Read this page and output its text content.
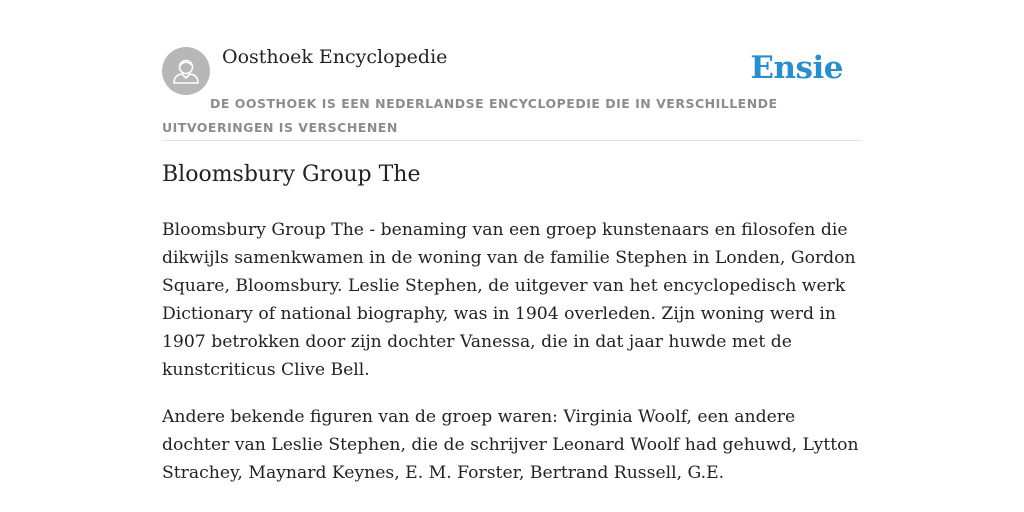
Oosthoek Encyclopedie	Ensie

DE OOSTHOEK IS EEN NEDERLANDSE ENCYCLOPEDIE DIE IN VERSCHILLENDE UITVOERINGEN IS VERSCHENEN

Bloomsbury Group The

Bloomsbury Group The - benaming van een groep kunstenaars en filosofen die dikwijls samenkwamen in de woning van de familie Stephen in Londen, Gordon Square, Bloomsbury. Leslie Stephen, de uitgever van het encyclopedisch werk Dictionary of national biography, was in 1904 overleden. Zijn woning werd in 1907 betrokken door zijn dochter Vanessa, die in dat jaar huwde met de kunstcriticus Clive Bell.

Andere bekende figuren van de groep waren: Virginia Woolf, een andere dochter van Leslie Stephen, die de schrijver Leonard Woolf had gehuwd, Lytton Strachey, Maynard Keynes, E. M. Forster, Bertrand Russell, G.E.
